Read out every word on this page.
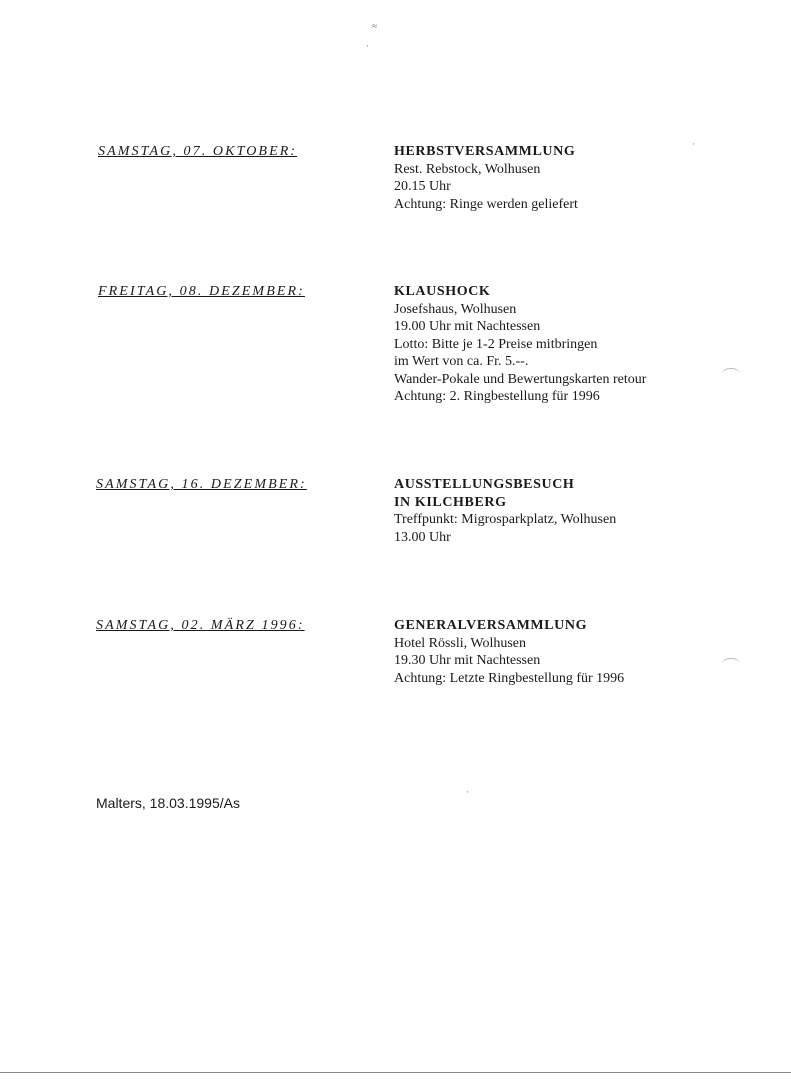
≈
·
SAMSTAG, 07. OKTOBER:	HERBSTVERSAMMLUNG

Rest. Rebstock, Wolhusen

20.15 Uhr

Achtung: Ringe werden geliefert

FREITAG, 08. DEZEMBER:	KLAUSHOCK

Josefshaus, Wolhusen

19.00 Uhr mit Nachtessen

Lotto: Bitte je 1-2 Preise mitbringen

im Wert von ca. Fr. 5.--.

Wander-Pokale und Bewertungskarten retour

Achtung: 2. Ringbestellung für 1996

SAMSTAG, 16. DEZEMBER:	AUSSTELLUNGSBESUCH

IN KILCHBERG

Treffpunkt: Migrosparkplatz, Wolhusen

13.00 Uhr

SAMSTAG, 02. MÄRZ 1996:	GENERALVERSAMMLUNG

Hotel Rössli, Wolhusen

19.30 Uhr mit Nachtessen

Achtung: Letzte Ringbestellung für 1996

Malters, 18.03.1995/As
·
·
